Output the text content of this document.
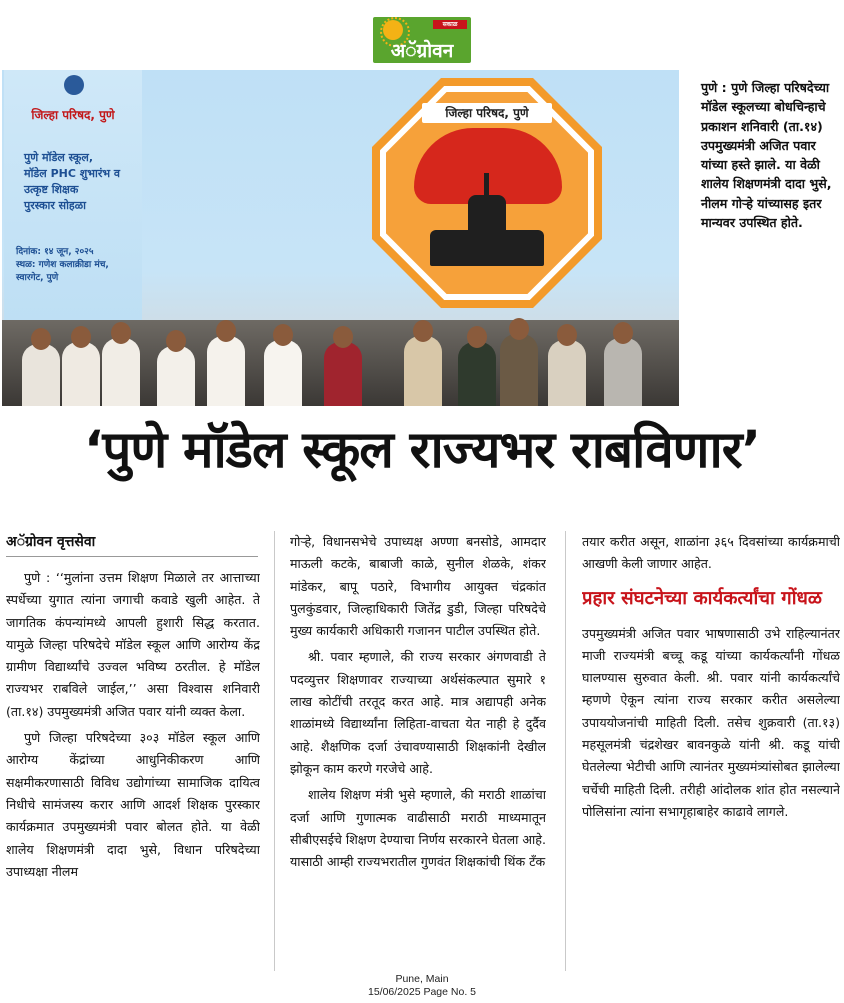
सकाळ
अॅग्रोवन
जिल्हा परिषद, पुणे
पुणे मॉडेल स्कूल,
मॉडेल PHC शुभारंभ व
उत्कृष्ट शिक्षक
पुरस्कार सोहळा
दिनांक: १४ जून, २०२५
स्थळ: गणेश कलाक्रीडा मंच,
स्वारगेट, पुणे
जिल्हा परिषद, पुणे
पुणे : पुणे जिल्हा परिषदेच्या मॉडेल स्कूलच्या बोधचिन्हाचे प्रकाशन शनिवारी (ता.१४) उपमुख्यमंत्री अजित पवार यांच्या हस्ते झाले. या वेळी शालेय शिक्षणमंत्री दादा भुसे, नीलम गोऱ्हे यांच्यासह इतर मान्यवर उपस्थित होते.
‘पुणे मॉडेल स्कूल राज्यभर राबविणार’
अॅग्रोवन वृत्तसेवा

पुणे : ‘‘मुलांना उत्तम शिक्षण मिळाले तर आत्ताच्या स्पर्धेच्या युगात त्यांना जगाची कवाडे खुली आहेत. ते जागतिक कंपन्यांमध्ये आपली हुशारी सिद्ध करतात. यामुळे जिल्हा परिषदेचे मॉडेल स्कूल आणि आरोग्य केंद्र ग्रामीण विद्यार्थ्यांचे उज्वल भविष्य ठरतील. हे मॉडेल राज्यभर राबविले जाईल,’’ असा विश्वास शनिवारी (ता.१४) उपमुख्यमंत्री अजित पवार यांनी व्यक्त केला.

पुणे जिल्हा परिषदेच्या ३०३ मॉडेल स्कूल आणि आरोग्य केंद्रांच्या आधुनिकीकरण आणि सक्षमीकरणासाठी विविध उद्योगांच्या सामाजिक दायित्व निधीचे सामंजस्य करार आणि आदर्श शिक्षक पुरस्कार कार्यक्रमात उपमुख्यमंत्री पवार बोलत होते. या वेळी शालेय शिक्षणमंत्री दादा भुसे, विधान परिषदेच्या उपाध्यक्षा नीलम

गोऱ्हे, विधानसभेचे उपाध्यक्ष अण्णा बनसोडे, आमदार माऊली कटके, बाबाजी काळे, सुनील शेळके, शंकर मांडेकर, बापू पठारे, विभागीय आयुक्त चंद्रकांत पुलकुंडवार, जिल्हाधिकारी जितेंद्र डुडी, जिल्हा परिषदेचे मुख्य कार्यकारी अधिकारी गजानन पाटील उपस्थित होते.

श्री. पवार म्हणाले, की राज्य सरकार अंगणवाडी ते पदव्युत्तर शिक्षणावर राज्याच्या अर्थसंकल्पात सुमारे १ लाख कोटींची तरतूद करत आहे. मात्र अद्यापही अनेक शाळांमध्ये विद्यार्थ्यांना लिहिता-वाचता येत नाही हे दुर्दैव आहे. शैक्षणिक दर्जा उंचावण्यासाठी शिक्षकांनी देखील झोकून काम करणे गरजेचे आहे.

शालेय शिक्षण मंत्री भुसे म्हणाले, की मराठी शाळांचा दर्जा आणि गुणात्मक वाढीसाठी मराठी माध्यमातून सीबीएसईचे शिक्षण देण्याचा निर्णय सरकारने घेतला आहे. यासाठी आम्ही राज्यभरातील गुणवंत शिक्षकांची थिंक टँक

तयार करीत असून, शाळांना ३६५ दिवसांच्या कार्यक्रमाची आखणी केली जाणार आहेत.

प्रहार संघटनेच्या कार्यकर्त्यांचा गोंधळ

उपमुख्यमंत्री अजित पवार भाषणासाठी उभे राहिल्यानंतर माजी राज्यमंत्री बच्चू कडू यांच्या कार्यकर्त्यांनी गोंधळ घालण्यास सुरुवात केली. श्री. पवार यांनी कार्यकर्त्यांचे म्हणणे ऐकून त्यांना राज्य सरकार करीत असलेल्या उपाययोजनांची माहिती दिली. तसेच शुक्रवारी (ता.१३) महसूलमंत्री चंद्रशेखर बावनकुळे यांनी श्री. कडू यांची घेतलेल्या भेटीची आणि त्यानंतर मुख्यमंत्र्यांसोबत झालेल्या चर्चेची माहिती दिली. तरीही आंदोलक शांत होत नसल्याने पोलिसांना त्यांना सभागृहाबाहेर काढावे लागले.

Pune, Main
15/06/2025 Page No. 5
